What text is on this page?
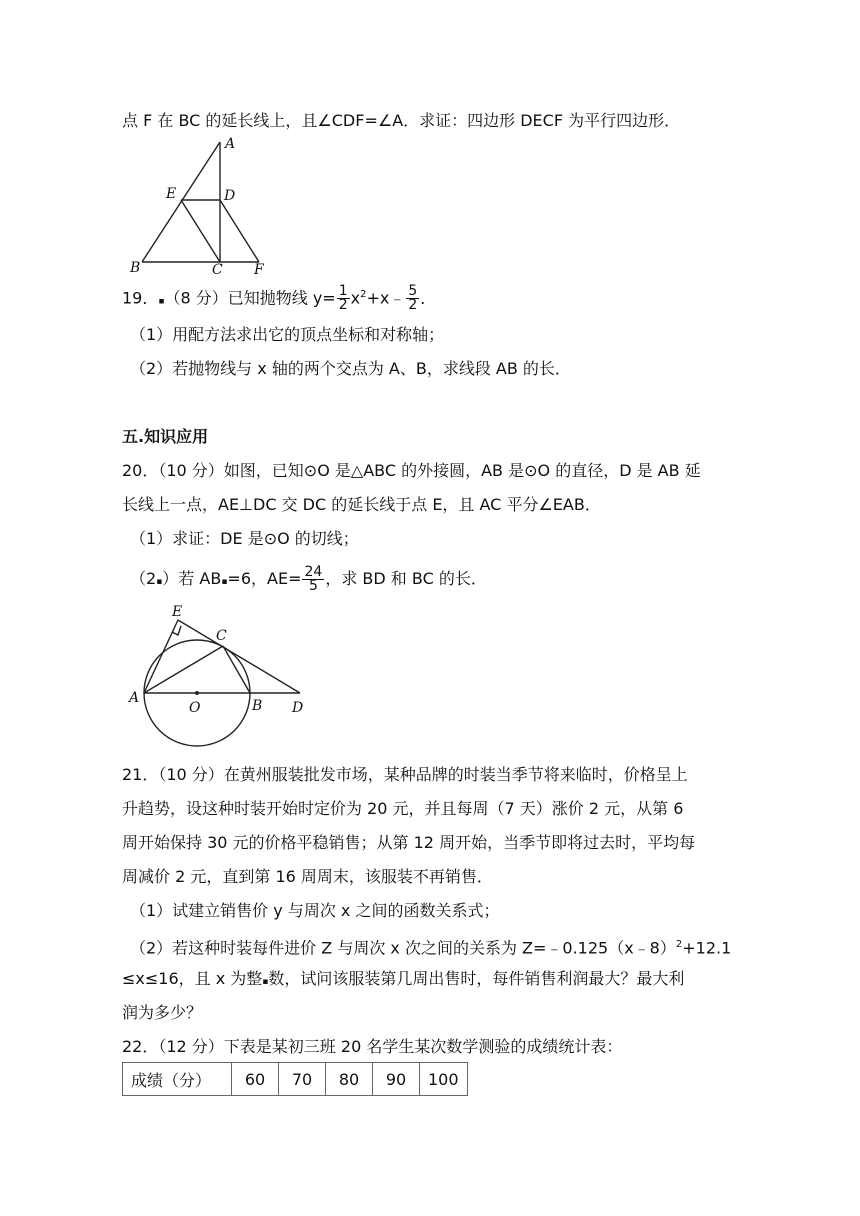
点 F 在 BC 的延长线上，且∠CDF=∠A．求证：四边形 DECF 为平行四边形．
A
E	D
B	C F
19．▪（8 分）已知抛物线 $y= \frac{1}{2}$ $x^2+x﹣ \frac{5}{2}$ ．
（1）用配方法求出它的顶点坐标和对称轴；
（2）若抛物线与 x 轴的两个交点为 A、B，求线段 AB 的长．
五.知识应用
20．（10 分）如图，已知⊙O 是△ABC 的外接圆，AB 是⊙O 的直径，D 是 AB 延
长线上一点，AE⊥DC 交 DC 的延长线于点 E，且 AC 平分∠EAB．
（1）求证：DE 是⊙O 的切线；
（2▪）若 AB▪=6，$AE= \frac{24}{5}$ ，求 BD 和 BC 的长．
E
C
A
O	B D
21．（10 分）在黄州服装批发市场，某种品牌的时装当季节将来临时，价格呈上
升趋势，设这种时装开始时定价为 20 元，并且每周（7 天）涨价 2 元，从第 6
周开始保持 30 元的价格平稳销售；从第 12 周开始，当季节即将过去时，平均每
周减价 2 元，直到第 16 周周末，该服装不再销售．
（1）试建立销售价 y 与周次 x 之间的函数关系式；
（2）若这种时装每件进价 Z 与周次 x 次之间的关系为 Z=﹣0.125（x﹣8）$^2$+12.1
≤x≤16，且 x 为整▪数，试问该服装第几周出售时，每件销售利润最大？最大利
润为多少？
22．（12 分）下表是某初三班 20 名学生某次数学测验的成绩统计表：
成绩（分）	60	70	80	90	100
